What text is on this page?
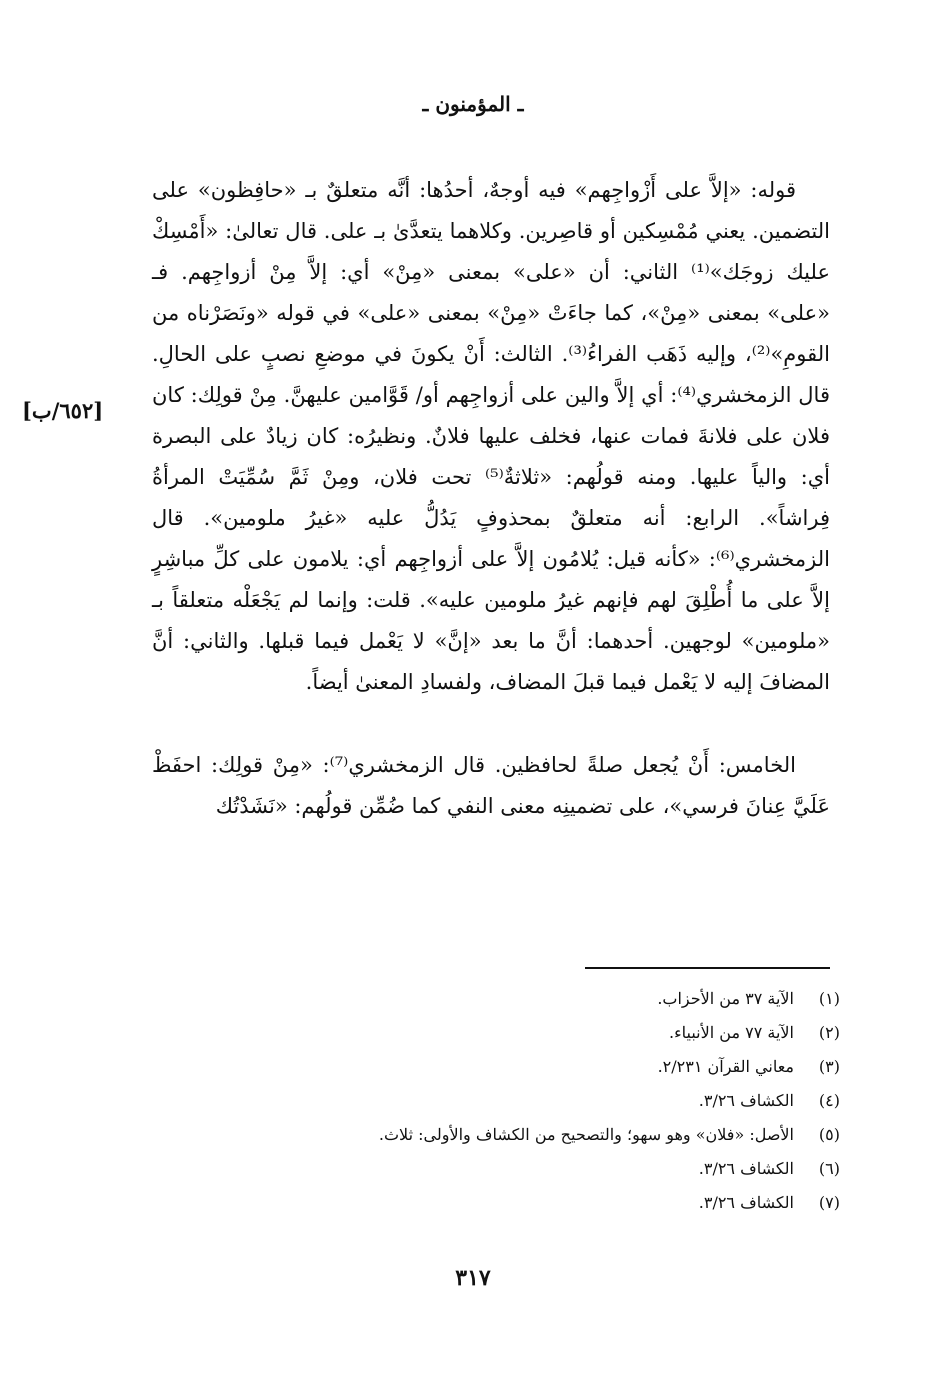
ـ المؤمنون ـ
[٦٥٢/ب]

قوله: «إلاَّ على أَزْواجِهم» فيه أوجهٌ، أحدُها: أنَّه متعلقٌ بـ «حافِظون» على التضمين. يعني مُمْسِكين أو قاصِرين. وكلاهما يتعدَّىٰ بـ على. قال تعالىٰ: «أَمْسِكْ عليك زوجَك»⁽¹⁾ الثاني: أن «على» بمعنى «مِنْ» أي: إلاَّ مِنْ أزواجِهم. فـ «على» بمعنى «مِنْ»، كما جاءَتْ «مِنْ» بمعنى «على» في قوله «ونَصَرْناه من القومِ»⁽²⁾، وإليه ذَهَب الفراءُ⁽³⁾. الثالث: أَنْ يكونَ في موضعِ نصبٍ على الحالِ. قال الزمخشري⁽⁴⁾: أي إلاَّ والين على أزواجِهم أو/ قَوَّامين عليهنَّ. مِنْ قولِك: كان فلان على فلانةَ فمات عنها، فخلف عليها فلانٌ. ونظيرُه: كان زيادٌ على البصرة أي: والياً عليها. ومنه قولُهم: «ثلاثةٌ⁽⁵⁾ تحت فلان، ومِنْ ثَمَّ سُمِّيَتْ المرأةُ فِراشاً». الرابع: أنه متعلقٌ بمحذوفٍ يَدُلُّ عليه «غيرُ ملومين». قال الزمخشري⁽⁶⁾: «كأنه قيل: يُلامُون إلاَّ على أزواجِهم أي: يلامون على كلِّ مباشِرٍ إلاَّ على ما أُطْلِقَ لهم فإنهم غيرُ ملومين عليه». قلت: وإنما لم يَجْعَلْه متعلقاً بـ «ملومين» لوجهين. أحدهما: أنَّ ما بعد «إنَّ» لا يَعْمل فيما قبلها. والثاني: أنَّ المضافَ إليه لا يَعْمل فيما قبلَ المضاف، ولفسادِ المعنىٰ أيضاً.

الخامس: أَنْ يُجعل صلةً لحافظين. قال الزمخشري⁽⁷⁾: «مِنْ قولِك: احفَظْ عَلَيَّ عِنانَ فرسي»، على تضمينِه معنى النفي كما ضُمِّن قولُهم: «نَشَدْتُك

(١)
الآية ٣٧ من الأحزاب.
(٢)
الآية ٧٧ من الأنبياء.
(٣)
معاني القرآن ٢/٢٣١.
(٤)
الكشاف ٣/٢٦.
(٥)
الأصل: «فلان» وهو سهو؛ والتصحيح من الكشاف والأولى: ثلاث.
(٦)
الكشاف ٣/٢٦.
(٧)
الكشاف ٣/٢٦.
٣١٧
